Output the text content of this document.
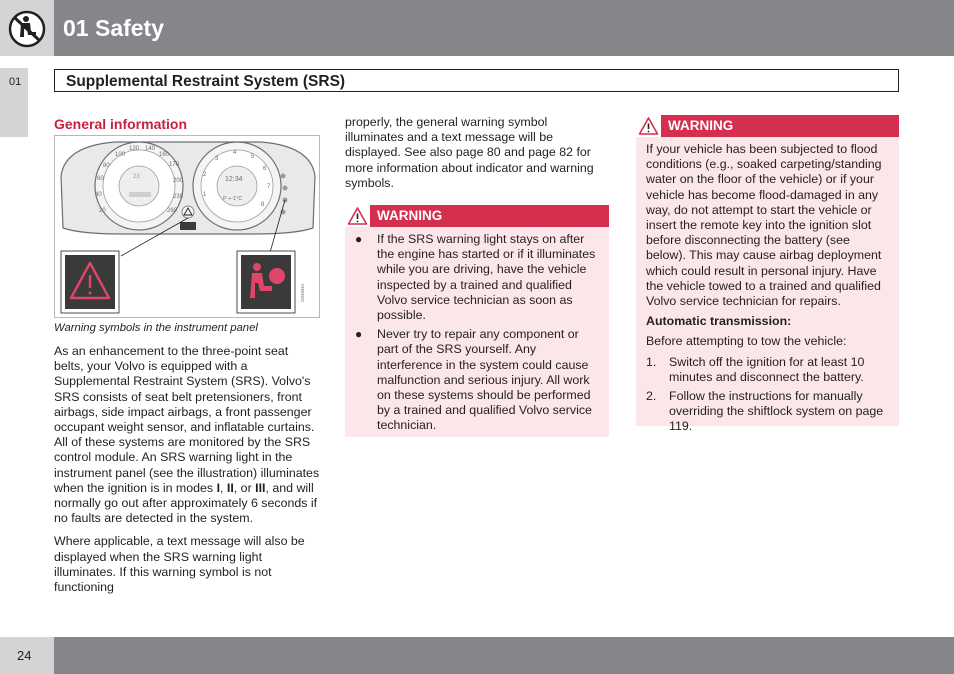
01 Safety
01	Supplemental Restraint System (SRS)
General information
20
40
60
80
100
120 140
160
170
200
230
260
23
1
2
3
4
5
6
7
8
12:34
P +-1°C
G045561
Warning symbols in the instrument panel

As an enhancement to the three-point seat belts, your Volvo is equipped with a Supplemental Restraint System (SRS). Volvo's SRS consists of seat belt pretensioners, front airbags, side impact airbags, a front passenger occupant weight sensor, and inflatable curtains. All of these systems are monitored by the SRS control module. An SRS warning light in the instrument panel (see the illustration) illuminates when the ignition is in modes I, II, or III, and will normally go out after approximately 6 seconds if no faults are detected in the system.

Where applicable, a text message will also be displayed when the SRS warning light illuminates. If this warning symbol is not functioning

properly, the general warning symbol illuminates and a text message will be displayed. See also page 80 and page 82 for more information about indicator and warning symbols.
WARNING
● If the SRS warning light stays on after the engine has started or if it illuminates while you are driving, have the vehicle inspected by a trained and qualified Volvo service technician as soon as possible.
● Never try to repair any component or part of the SRS yourself. Any interference in the system could cause malfunction and serious injury. All work on these systems should be performed by a trained and qualified Volvo service technician.
WARNING

If your vehicle has been subjected to flood conditions (e.g., soaked carpeting/standing water on the floor of the vehicle) or if your vehicle has become flood-damaged in any way, do not attempt to start the vehicle or insert the remote key into the ignition slot before disconnecting the battery (see below). This may cause airbag deployment which could result in personal injury. Have the vehicle towed to a trained and qualified Volvo service technician for repairs.

Automatic transmission:

Before attempting to tow the vehicle:

1. Switch off the ignition for at least 10 minutes and disconnect the battery.
2. Follow the instructions for manually overriding the shiftlock system on page 119.
24
